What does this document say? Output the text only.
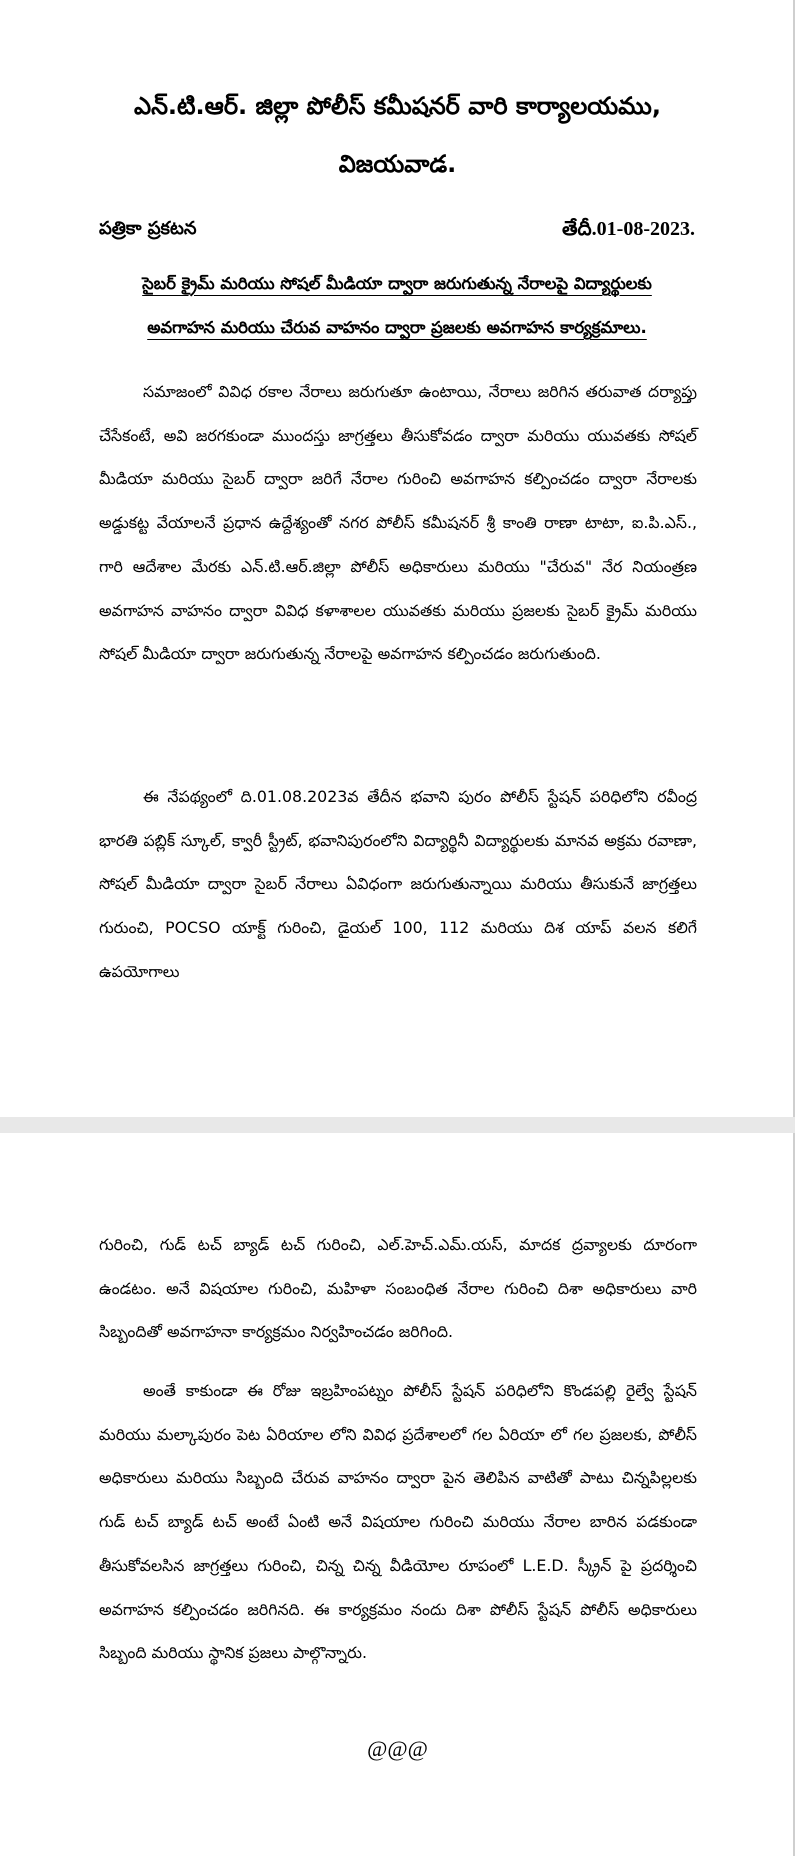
ఎన్.టి.ఆర్. జిల్లా పోలీస్ కమీషనర్ వారి కార్యాలయము,
విజయవాడ.
పత్రికా ప్రకటన	తేదీ.01-08-2023.
సైబర్ క్రైమ్ మరియు సోషల్ మీడియా ద్వారా జరుగుతున్న నేరాలపై విద్యార్థులకు
అవగాహన మరియు చేరువ వాహనం ద్వారా ప్రజలకు అవగాహన కార్యక్రమాలు.

సమాజంలో వివిధ రకాల నేరాలు జరుగుతూ ఉంటాయి, నేరాలు జరిగిన తరువాత దర్యాప్తు చేసేకంటే, అవి జరగకుండా ముందస్తు జాగ్రత్తలు తీసుకోవడం ద్వారా మరియు యువతకు సోషల్ మీడియా మరియు సైబర్ ద్వారా జరిగే నేరాల గురించి అవగాహన కల్పించడం ద్వారా నేరాలకు అడ్డుకట్ట వేయాలనే ప్రధాన ఉద్దేశ్యంతో నగర పోలీస్ కమీషనర్ శ్రీ కాంతి రాణా టాటా, ఐ.పి.ఎస్., గారి ఆదేశాల మేరకు ఎన్.టి.ఆర్.జిల్లా పోలీస్ అధికారులు మరియు "చేరువ" నేర నియంత్రణ అవగాహన వాహనం ద్వారా వివిధ కళాశాలల యువతకు మరియు ప్రజలకు సైబర్ క్రైమ్ మరియు సోషల్ మీడియా ద్వారా జరుగుతున్న నేరాలపై అవగాహన కల్పించడం జరుగుతుంది.

ఈ నేపథ్యంలో ది.01.08.2023వ తేదీన భవాని పురం పోలీస్ స్టేషన్ పరిధిలోని రవీంద్ర భారతి పబ్లిక్ స్కూల్, క్వారీ స్ట్రీట్, భవానిపురంలోని విద్యార్థినీ విద్యార్థులకు మానవ అక్రమ రవాణా, సోషల్ మీడియా ద్వారా సైబర్ నేరాలు ఏవిధంగా జరుగుతున్నాయి మరియు తీసుకునే జాగ్రత్తలు గురుంచి, POCSO యాక్ట్ గురించి, డైయల్ 100, 112 మరియు దిశ యాప్ వలన కలిగే ఉపయోగాలు

గురించి, గుడ్ టచ్ బ్యాడ్ టచ్ గురించి, ఎల్.హెచ్.ఎమ్.యస్, మాదక ద్రవ్యాలకు దూరంగా ఉండటం. అనే విషయాల గురించి, మహిళా సంబంధిత నేరాల గురించి దిశా అధికారులు వారి సిబ్బందితో అవగాహనా కార్యక్రమం నిర్వహించడం జరిగింది.

అంతే కాకుండా ఈ రోజు ఇబ్రహింపట్నం పోలీస్ స్టేషన్ పరిధిలోని కొండపల్లి రైల్వే స్టేషన్ మరియు మల్కాపురం పెట ఏరియాల లోని వివిధ ప్రదేశాలలో గల ఏరియా లో గల ప్రజలకు, పోలీస్ అధికారులు మరియు సిబ్బంది చేరువ వాహనం ద్వారా పైన తెలిపిన వాటితో పాటు చిన్నపిల్లలకు గుడ్ టచ్ బ్యాడ్ టచ్ అంటే ఏంటి అనే విషయాల గురించి మరియు నేరాల బారిన పడకుండా తీసుకోవలసిన జాగ్రత్తలు గురించి, చిన్న చిన్న వీడియోల రూపంలో L.E.D. స్క్రీన్ పై ప్రదర్శించి అవగాహన కల్పించడం జరిగినది. ఈ కార్యక్రమం నందు దిశా పోలీస్ స్టేషన్ పోలీస్ అధికారులు సిబ్బంది మరియు స్థానిక ప్రజలు పాల్గొన్నారు.

@@@
